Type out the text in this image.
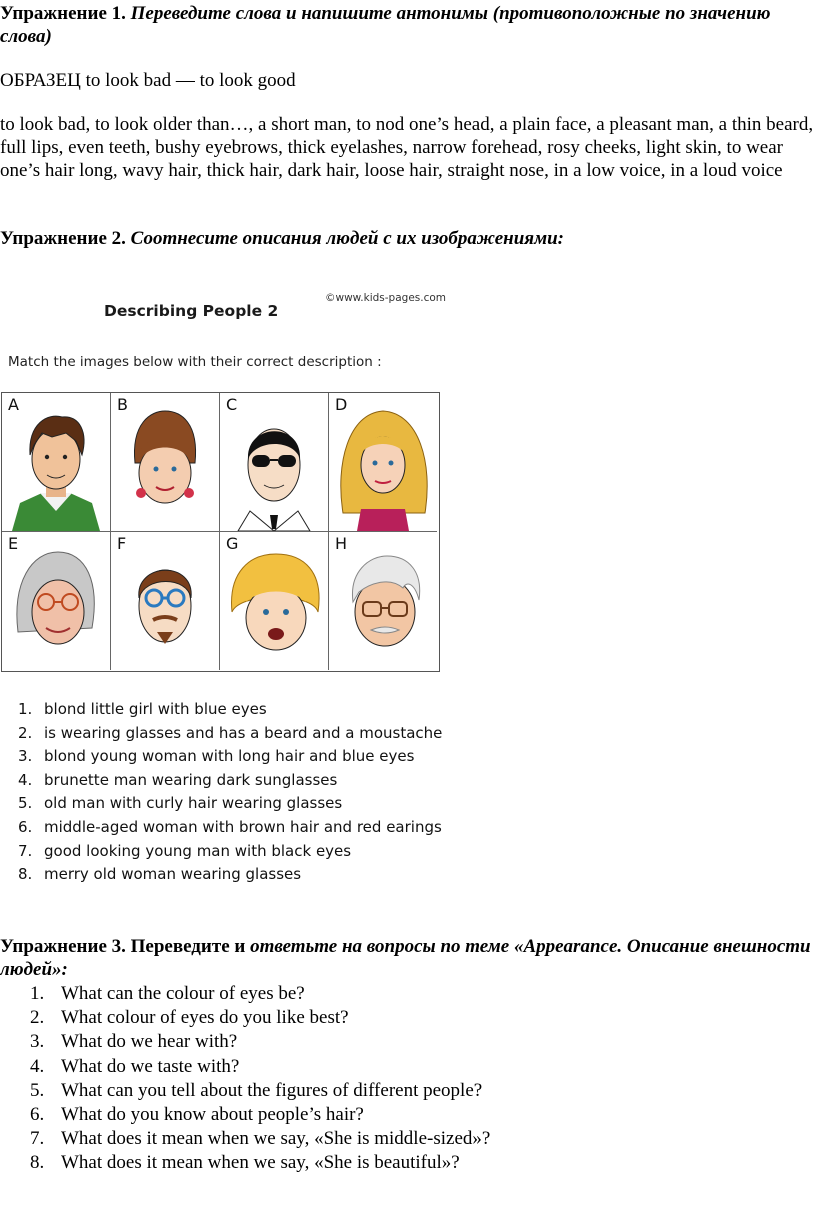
Упражнение 1. Переведите слова и напишите антонимы (противоположные по значению слова)
ОБРАЗЕЦ to look bad — to look good
to look bad, to look older than…, a short man, to nod one’s head, a plain face, a pleasant man, a thin beard, full lips, even teeth, bushy eyebrows, thick eyelashes, narrow forehead, rosy cheeks, light skin, to wear one’s hair long, wavy hair, thick hair, dark hair, loose hair, straight nose, in a low voice, in a loud voice
Упражнение 2. Соотнесите описания людей с их изображениями:
Describing People 2
©www.kids-pages.com
Match the images below with their correct description :
A	B	C	D
E	F	G	H
1. blond little girl with blue eyes
2. is wearing glasses and has a beard and a moustache
3. blond young woman with long hair and blue eyes
4. brunette man wearing dark sunglasses
5. old man with curly hair wearing glasses
6. middle-aged woman with brown hair and red earings
7. good looking young man with black eyes
8. merry old woman wearing glasses
Упражнение 3. Переведите и ответьте на вопросы по теме «Appearance. Описание внешности людей»:
1. What can the colour of eyes be?
2. What colour of eyes do you like best?
3. What do we hear with?
4. What do we taste with?
5. What can you tell about the figures of different people?
6. What do you know about people’s hair?
7. What does it mean when we say, «She is middle-sized»?
8. What does it mean when we say, «She is beautiful»?
